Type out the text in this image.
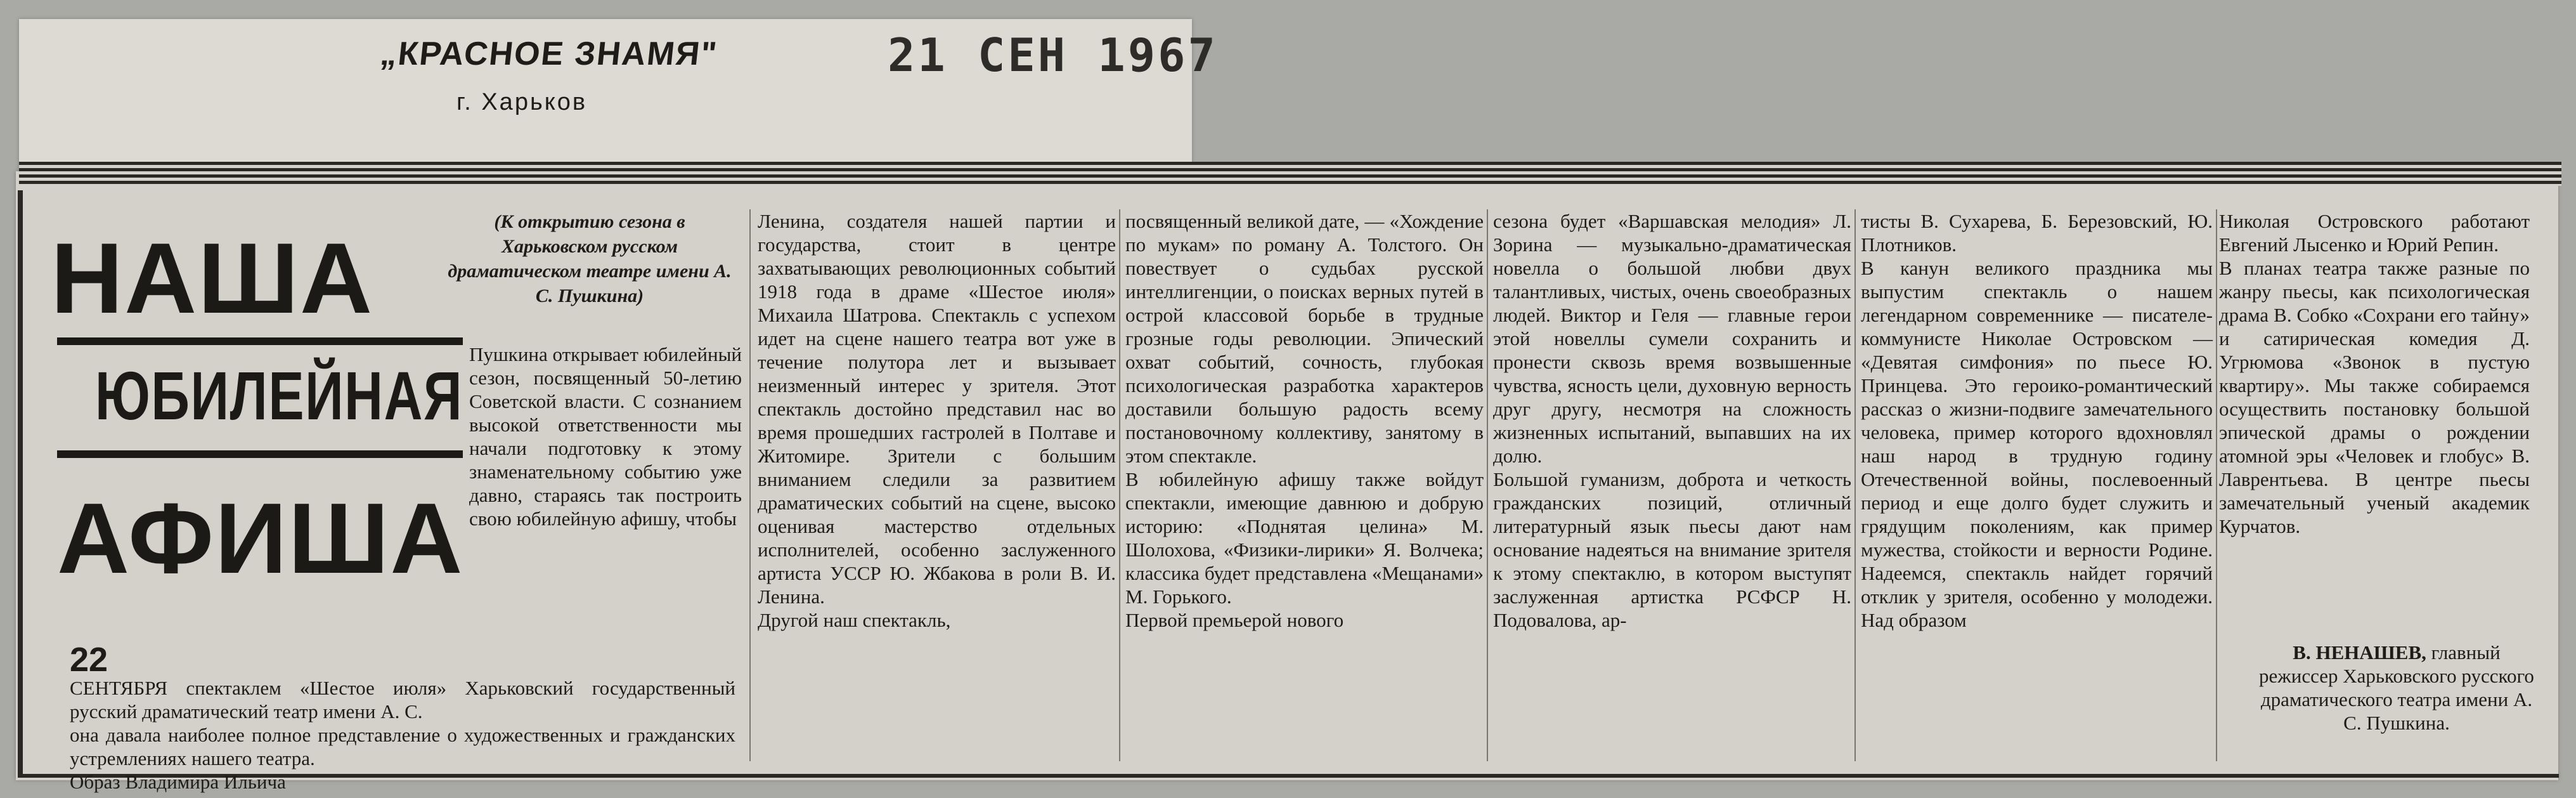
„КРАСНОЕ ЗНАМЯ"
г. Харьков
21 СЕН 1967
НАША
ЮБИЛЕЙНАЯ
АФИША
(К открытию сезона в Харьковском русском драматическом театре имени А. С. Пушкина)
Пушкина открывает юбилейный сезон, посвященный 50-летию Советской власти. С сознанием высокой ответственности мы начали подготовку к этому знаменательному событию уже давно, стараясь так построить свою юбилейную афишу, чтобы

22
СЕНТЯБРЯ спектаклем «Шестое июля» Харьковский государственный русский драматический театр имени А. С.
она давала наиболее полное представление о художественных и гражданских устремлениях нашего театра.
Образ Владимира Ильича

Ленина, создателя нашей партии и государства, стоит в центре захватывающих революционных событий 1918 года в драме «Шестое июля» Михаила Шатрова. Спектакль с успехом идет на сцене нашего театра вот уже в течение полутора лет и вызывает неизменный интерес у зрителя. Этот спектакль достойно представил нас во время прошедших гастролей в Полтаве и Житомире. Зрители с большим вниманием следили за развитием драматических событий на сцене, высоко оценивая мастерство отдельных исполнителей, особенно заслуженного артиста УССР Ю. Жбакова в роли В. И. Ленина.
Другой наш спектакль,
посвященный великой дате, — «Хождение по мукам» по роману А. Толстого. Он повествует о судьбах русской интеллигенции, о поисках верных путей в острой классовой борьбе в трудные грозные годы революции. Эпический охват событий, сочность, глубокая психологическая разработка характеров доставили большую радость всему постановочному коллективу, занятому в этом спектакле.
В юбилейную афишу также войдут спектакли, имеющие давнюю и добрую историю: «Поднятая целина» М. Шолохова, «Физики-лирики» Я. Волчека; классика будет представлена «Мещанами» М. Горького.
Первой премьерой нового
сезона будет «Варшавская мелодия» Л. Зорина — музыкально-драматическая новелла о большой любви двух талантливых, чистых, очень своеобразных людей. Виктор и Геля — главные герои этой новеллы сумели сохранить и пронести сквозь время возвышенные чувства, ясность цели, духовную верность друг другу, несмотря на сложность жизненных испытаний, выпавших на их долю.
Большой гуманизм, доброта и четкость гражданских позиций, отличный литературный язык пьесы дают нам основание надеяться на внимание зрителя к этому спектаклю, в котором выступят заслуженная артистка РСФСР Н. Подовалова, ар-
тисты В. Сухарева, Б. Березовский, Ю. Плотников.
В канун великого праздника мы выпустим спектакль о нашем легендарном современнике — писателе-коммунисте Николае Островском — «Девятая симфония» по пьесе Ю. Принцева. Это героико-романтический рассказ о жизни-подвиге замечательного человека, пример которого вдохновлял наш народ в трудную годину Отечественной войны, послевоенный период и еще долго будет служить и грядущим поколениям, как пример мужества, стойкости и верности Родине. Надеемся, спектакль найдет горячий отклик у зрителя, особенно у молодежи. Над образом
Николая Островского работают Евгений Лысенко и Юрий Репин.
В планах театра также разные по жанру пьесы, как психологическая драма В. Собко «Сохрани его тайну» и сатирическая комедия Д. Угрюмова «Звонок в пустую квартиру». Мы также собираемся осуществить постановку большой эпической драмы о рождении атомной эры «Человек и глобус» В. Лаврентьева. В центре пьесы замечательный ученый академик Курчатов.
В. НЕНАШЕВ, главный режиссер Харьковского русского драматического театра имени А. С. Пушкина.
